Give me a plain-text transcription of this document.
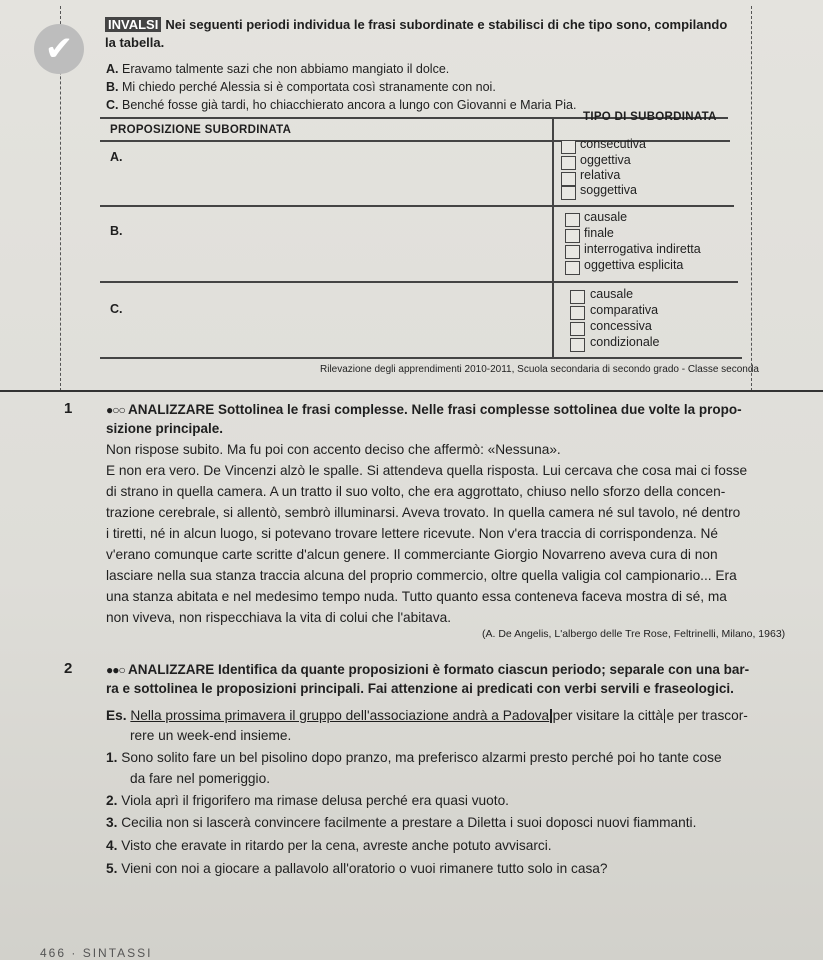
✔
INVALSI Nei seguenti periodi individua le frasi subordinate e stabilisci di che tipo sono, compilando
la tabella.
A. Eravamo talmente sazi che non abbiamo mangiato il dolce.
B. Mi chiedo perché Alessia si è comportata così stranamente con noi.
C. Benché fosse già tardi, ho chiacchierato ancora a lungo con Giovanni e Maria Pia.
PROPOSIZIONE SUBORDINATA
TIPO DI SUBORDINATA
A.
consecutiva
oggettiva
relativa
soggettiva
B.
causale
finale
interrogativa indiretta
oggettiva esplicita
C.
causale
comparativa
concessiva
condizionale
Rilevazione degli apprendimenti 2010-2011, Scuola secondaria di secondo grado - Classe seconda
1	●○○ ANALIZZARE Sottolinea le frasi complesse. Nelle frasi complesse sottolinea due volte la propo-
sizione principale.
Non rispose subito. Ma fu poi con accento deciso che affermò: «Nessuna».
E non era vero. De Vincenzi alzò le spalle. Si attendeva quella risposta. Lui cercava che cosa mai ci fosse
di strano in quella camera. A un tratto il suo volto, che era aggrottato, chiuso nello sforzo della concen-
trazione cerebrale, si allentò, sembrò illuminarsi. Aveva trovato. In quella camera né sul tavolo, né dentro
i tiretti, né in alcun luogo, si potevano trovare lettere ricevute. Non v'era traccia di corrispondenza. Né
v'erano comunque carte scritte d'alcun genere. Il commerciante Giorgio Novarreno aveva cura di non
lasciare nella sua stanza traccia alcuna del proprio commercio, oltre quella valigia col campionario... Era
una stanza abitata e nel medesimo tempo nuda. Tutto quanto essa conteneva faceva mostra di sé, ma
non viveva, non rispecchiava la vita di colui che l'abitava.
(A. De Angelis, L'albergo delle Tre Rose, Feltrinelli, Milano, 1963)
2	●●○ ANALIZZARE Identifica da quante proposizioni è formato ciascun periodo; separale con una bar-
ra e sottolinea le proposizioni principali. Fai attenzione ai predicati con verbi servili e fraseologici.
Es. Nella prossima primavera il gruppo dell'associazione andrà a Padova per visitare la città e per trascor-
rere un week-end insieme.
1. Sono solito fare un bel pisolino dopo pranzo, ma preferisco alzarmi presto perché poi ho tante cose
da fare nel pomeriggio.
2. Viola aprì il frigorifero ma rimase delusa perché era quasi vuoto.
3. Cecilia non si lascerà convincere facilmente a prestare a Diletta i suoi doposci nuovi fiammanti.
4. Visto che eravate in ritardo per la cena, avreste anche potuto avvisarci.
5. Vieni con noi a giocare a pallavolo all'oratorio o vuoi rimanere tutto solo in casa?
466 · SINTASSI
